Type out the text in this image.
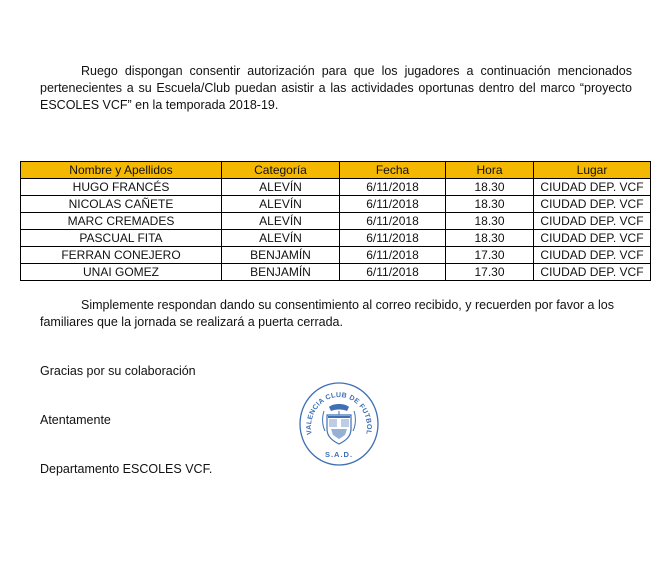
Ruego dispongan consentir autorización para que los jugadores a continuación mencionados
pertenecientes a su Escuela/Club puedan asistir a las actividades oportunas dentro del marco “proyecto
ESCOLES VCF” en la temporada 2018-19.
Nombre y Apellidos	Categoría	Fecha	Hora	Lugar
HUGO FRANCÉS	ALEVÍN	6/11/2018	18.30	CIUDAD DEP. VCF
NICOLAS CAÑETE	ALEVÍN	6/11/2018	18.30	CIUDAD DEP. VCF
MARC CREMADES	ALEVÍN	6/11/2018	18.30	CIUDAD DEP. VCF
PASCUAL FITA	ALEVÍN	6/11/2018	18.30	CIUDAD DEP. VCF
FERRAN CONEJERO	BENJAMÍN	6/11/2018	17.30	CIUDAD DEP. VCF
UNAI GOMEZ	BENJAMÍN	6/11/2018	17.30	CIUDAD DEP. VCF
Simplemente respondan dando su consentimiento al correo recibido, y recuerden por favor a los
familiares que la jornada se realizará a puerta cerrada.
Gracias por su colaboración
Atentamente
Departamento ESCOLES VCF.
VALENCIA CLUB DE FUTBOL
S.A.D.
